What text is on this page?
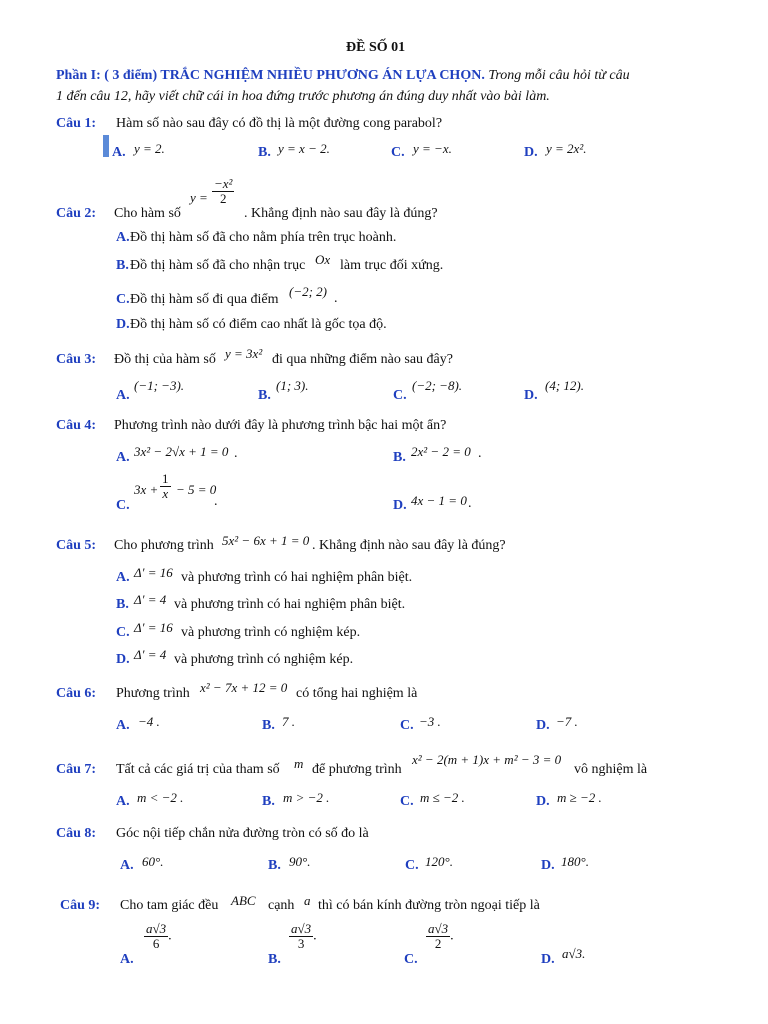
ĐỀ SỐ 01
Phần I: ( 3 điểm) TRẮC NGHIỆM NHIỀU PHƯƠNG ÁN LỰA CHỌN. Trong mỗi câu hỏi từ câu
1 đến câu 12, hãy viết chữ cái in hoa đứng trước phương án đúng duy nhất vào bài làm.
Câu 1: Hàm số nào sau đây có đồ thị là một đường cong parabol?
A. y = 2.	B. y = x − 2.	C. y = −x.	D. y = 2x².
Câu 2: Cho hàm số
$y = \frac{\text{−x²}}{2}$
. Khẳng định nào sau đây là đúng?
A. Đồ thị hàm số đã cho nằm phía trên trục hoành.
B. Đồ thị hàm số đã cho nhận trục Ox làm trục đối xứng.
C. Đồ thị hàm số đi qua điểm
(−2; 2) .
D. Đồ thị hàm số có điểm cao nhất là gốc tọa độ.
Câu 3: Đồ thị của hàm số y = 3x² đi qua những điểm nào sau đây?
A.
(−1; −3).
B.
(1; 3).
C.
(−2; −8).
D.
(4; 12).
Câu 4: Phương trình nào dưới đây là phương trình bậc hai một ẩn?
A. 3x² − 2√x + 1 = 0 .	B. 2x² − 2 = 0 .
C.
$3x + \frac{1}{x} - 5 = 0$
.	D. 4x − 1 = 0 .
Câu 5: Cho phương trình 5x² − 6x + 1 = 0 . Khẳng định nào sau đây là đúng?
A. Δ′ = 16 và phương trình có hai nghiệm phân biệt.
B. Δ′ = 4 và phương trình có hai nghiệm phân biệt.
C. Δ′ = 16 và phương trình có nghiệm kép.
D. Δ′ = 4 và phương trình có nghiệm kép.
Câu 6: Phương trình x² − 7x + 12 = 0 có tổng hai nghiệm là
A. −4 .	B. 7 .	C. −3 .	D. −7 .
Câu 7: Tất cả các giá trị của tham số m để phương trình
x² − 2(m + 1)x + m² − 3 = 0
vô nghiệm là
A. m < −2 .	B. m > −2 .	C. m ≤ −2 .	D. m ≥ −2 .
Câu 8: Góc nội tiếp chắn nửa đường tròn có số đo là
A. 60°.	B. 90°.	C. 120°.	D. 180°.
Câu 9: Cho tam giác đều ABC cạnh a thì có bán kính đường tròn ngoại tiếp là
A.
$\frac{a√3}{6}$ .
B.
$\frac{a√3}{3}$ .
C.
$\frac{a√3}{2}$ .
D. a√3.
